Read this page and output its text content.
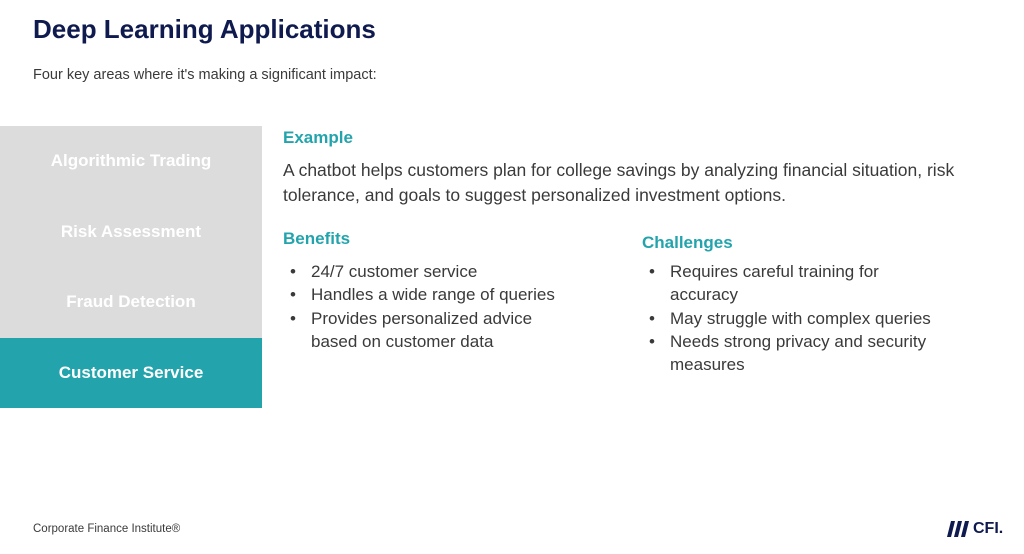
Deep Learning Applications
Four key areas where it's making a significant impact:
Algorithmic Trading
Risk Assessment
Fraud Detection
Customer Service
Example
A chatbot helps customers plan for college savings by analyzing financial situation, risk tolerance, and goals to suggest personalized investment options.
Benefits
• 24/7 customer service
• Handles a wide range of queries
• Provides personalized advice based on customer data
Challenges
• Requires careful training for accuracy
• May struggle with complex queries
• Needs strong privacy and security measures
Corporate Finance Institute®	CFI.
